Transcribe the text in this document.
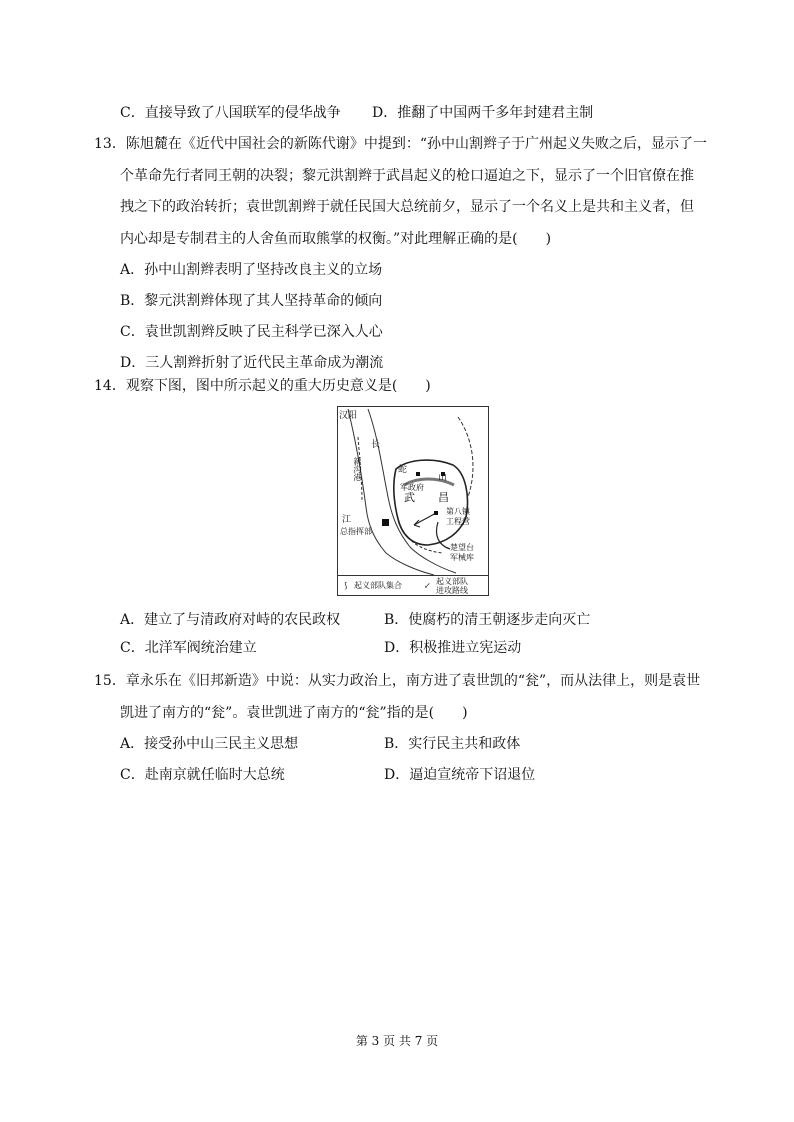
C．直接导致了八国联军的侵华战争 D．推翻了中国两千多年封建君主制
13．陈旭麓在《近代中国社会的新陈代谢》中提到：“孙中山割辫子于广州起义失败之后，显示了一
个革命先行者同王朝的决裂；黎元洪割辫于武昌起义的枪口逼迫之下，显示了一个旧官僚在推
拽之下的政治转折；袁世凯割辫于就任民国大总统前夕，显示了一个名义上是共和主义者，但
内心却是专制君主的人舍鱼而取熊掌的权衡。”对此理解正确的是(　　)
A．孙中山割辫表明了坚持改良主义的立场
B．黎元洪割辫体现了其人坚持革命的倾向
C．袁世凯割辫反映了民主科学已深入人心
D．三人割辫折射了近代民主革命成为潮流
14．观察下图，图中所示起义的重大历史意义是(　　)
汉阳
长
江
新沟港	蛇
山
武 昌
军政府
第八镇
工程营
总指挥部
楚望台
军械库
⟆ 起义部队集合	↙ 起义部队
进攻路线
A．建立了与清政府对峙的农民政权	B．使腐朽的清王朝逐步走向灭亡
C．北洋军阀统治建立	D．积极推进立宪运动
15．章永乐在《旧邦新造》中说：从实力政治上，南方进了袁世凯的“瓮”，而从法律上，则是袁世
凯进了南方的“瓮”。袁世凯进了南方的“瓮”指的是(　　)
A．接受孙中山三民主义思想	B．实行民主共和政体
C．赴南京就任临时大总统	D．逼迫宣统帝下诏退位
第 3 页 共 7 页
